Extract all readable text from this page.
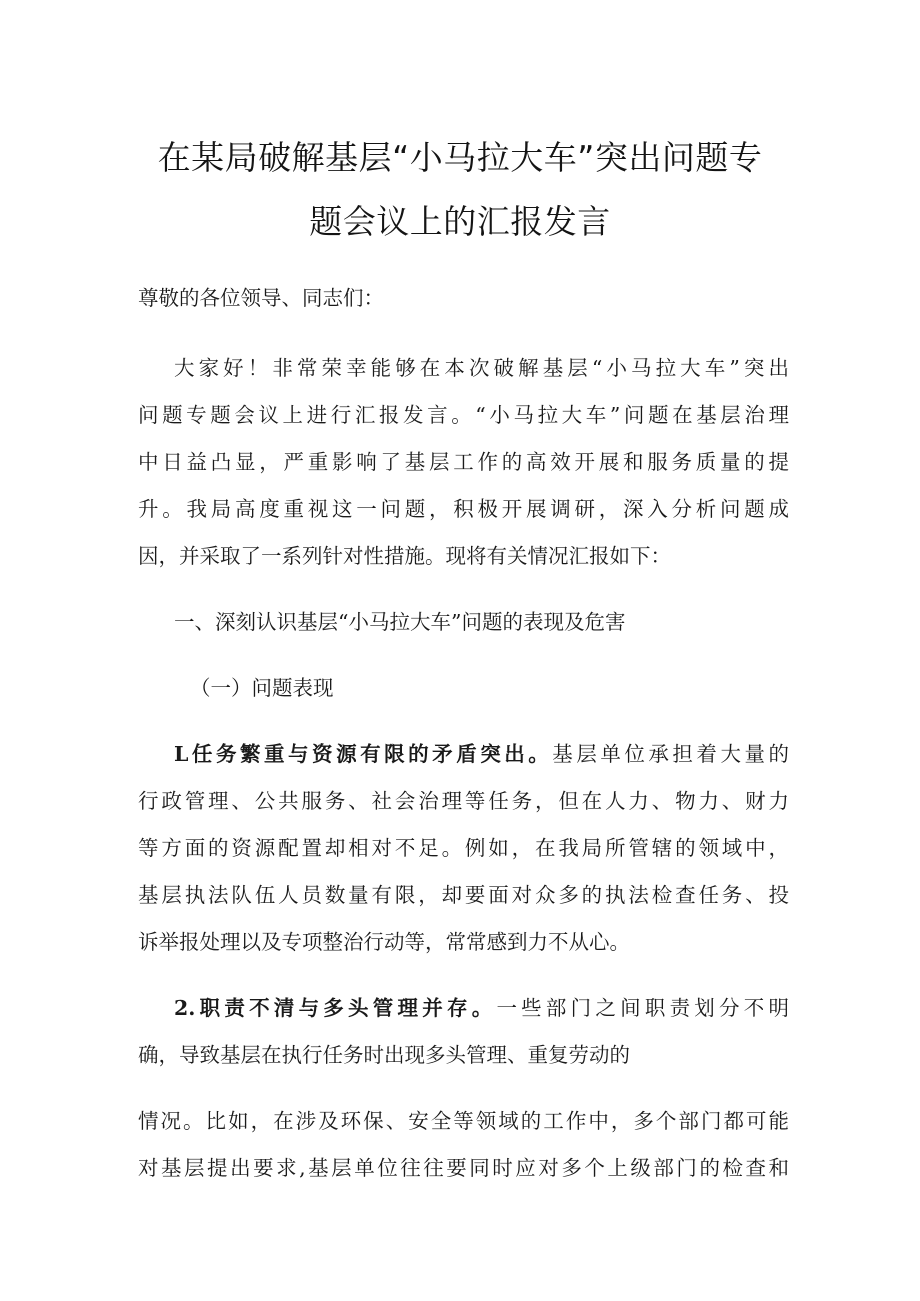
在某局破解基层“小马拉大车”突出问题专
题会议上的汇报发言

尊敬的各位领导、同志们：

大家好！非常荣幸能够在本次破解基层“小马拉大车”突出

问题专题会议上进行汇报发言。“小马拉大车”问题在基层治理

中日益凸显，严重影响了基层工作的高效开展和服务质量的提

升。我局高度重视这一问题，积极开展调研，深入分析问题成

因，并采取了一系列针对性措施。现将有关情况汇报如下：

一、深刻认识基层“小马拉大车”问题的表现及危害

（一）问题表现

L任务繁重与资源有限的矛盾突出。基层单位承担着大量的

行政管理、公共服务、社会治理等任务，但在人力、物力、财力

等方面的资源配置却相对不足。例如，在我局所管辖的领域中，

基层执法队伍人员数量有限，却要面对众多的执法检查任务、投

诉举报处理以及专项整治行动等，常常感到力不从心。

2.职责不清与多头管理并存。一些部门之间职责划分不明

确，导致基层在执行任务时出现多头管理、重复劳动的

情况。比如，在涉及环保、安全等领域的工作中，多个部门都可能

对基层提出要求,基层单位往往要同时应对多个上级部门的检查和
